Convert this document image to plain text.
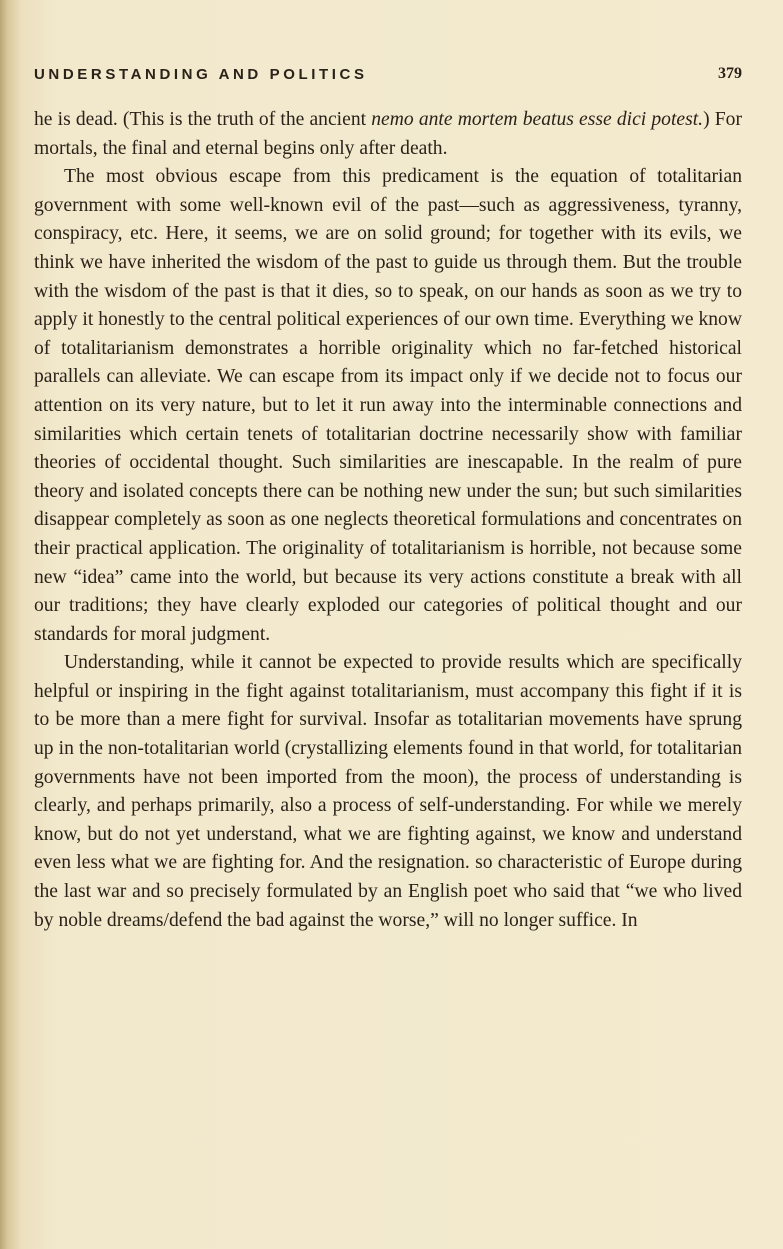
UNDERSTANDING AND POLITICS	379

he is dead. (This is the truth of the ancient nemo ante mortem beatus esse dici potest.) For mortals, the final and eternal begins only after death.

The most obvious escape from this predicament is the equation of totalitarian government with some well-known evil of the past—such as aggressiveness, tyranny, conspiracy, etc. Here, it seems, we are on solid ground; for together with its evils, we think we have inherited the wisdom of the past to guide us through them. But the trouble with the wisdom of the past is that it dies, so to speak, on our hands as soon as we try to apply it honestly to the central political experiences of our own time. Everything we know of totalitarianism demonstrates a horrible originality which no far-fetched historical parallels can alleviate. We can escape from its impact only if we decide not to focus our attention on its very nature, but to let it run away into the interminable connections and similarities which certain tenets of totalitarian doctrine necessarily show with familiar theories of occidental thought. Such similarities are inescapable. In the realm of pure theory and isolated concepts there can be nothing new under the sun; but such similarities disappear completely as soon as one neglects theoretical formulations and concentrates on their practical application. The originality of totalitarianism is horrible, not because some new “idea” came into the world, but because its very actions constitute a break with all our traditions; they have clearly exploded our categories of political thought and our standards for moral judgment.

Understanding, while it cannot be expected to provide results which are specifically helpful or inspiring in the fight against totalitarianism, must accompany this fight if it is to be more than a mere fight for survival. Insofar as totalitarian movements have sprung up in the non-totalitarian world (crystallizing elements found in that world, for totalitarian governments have not been imported from the moon), the process of understanding is clearly, and perhaps primarily, also a process of self-understanding. For while we merely know, but do not yet understand, what we are fighting against, we know and understand even less what we are fighting for. And the resignation. so characteristic of Europe during the last war and so precisely formulated by an English poet who said that “we who lived by noble dreams/defend the bad against the worse,” will no longer suffice. In
